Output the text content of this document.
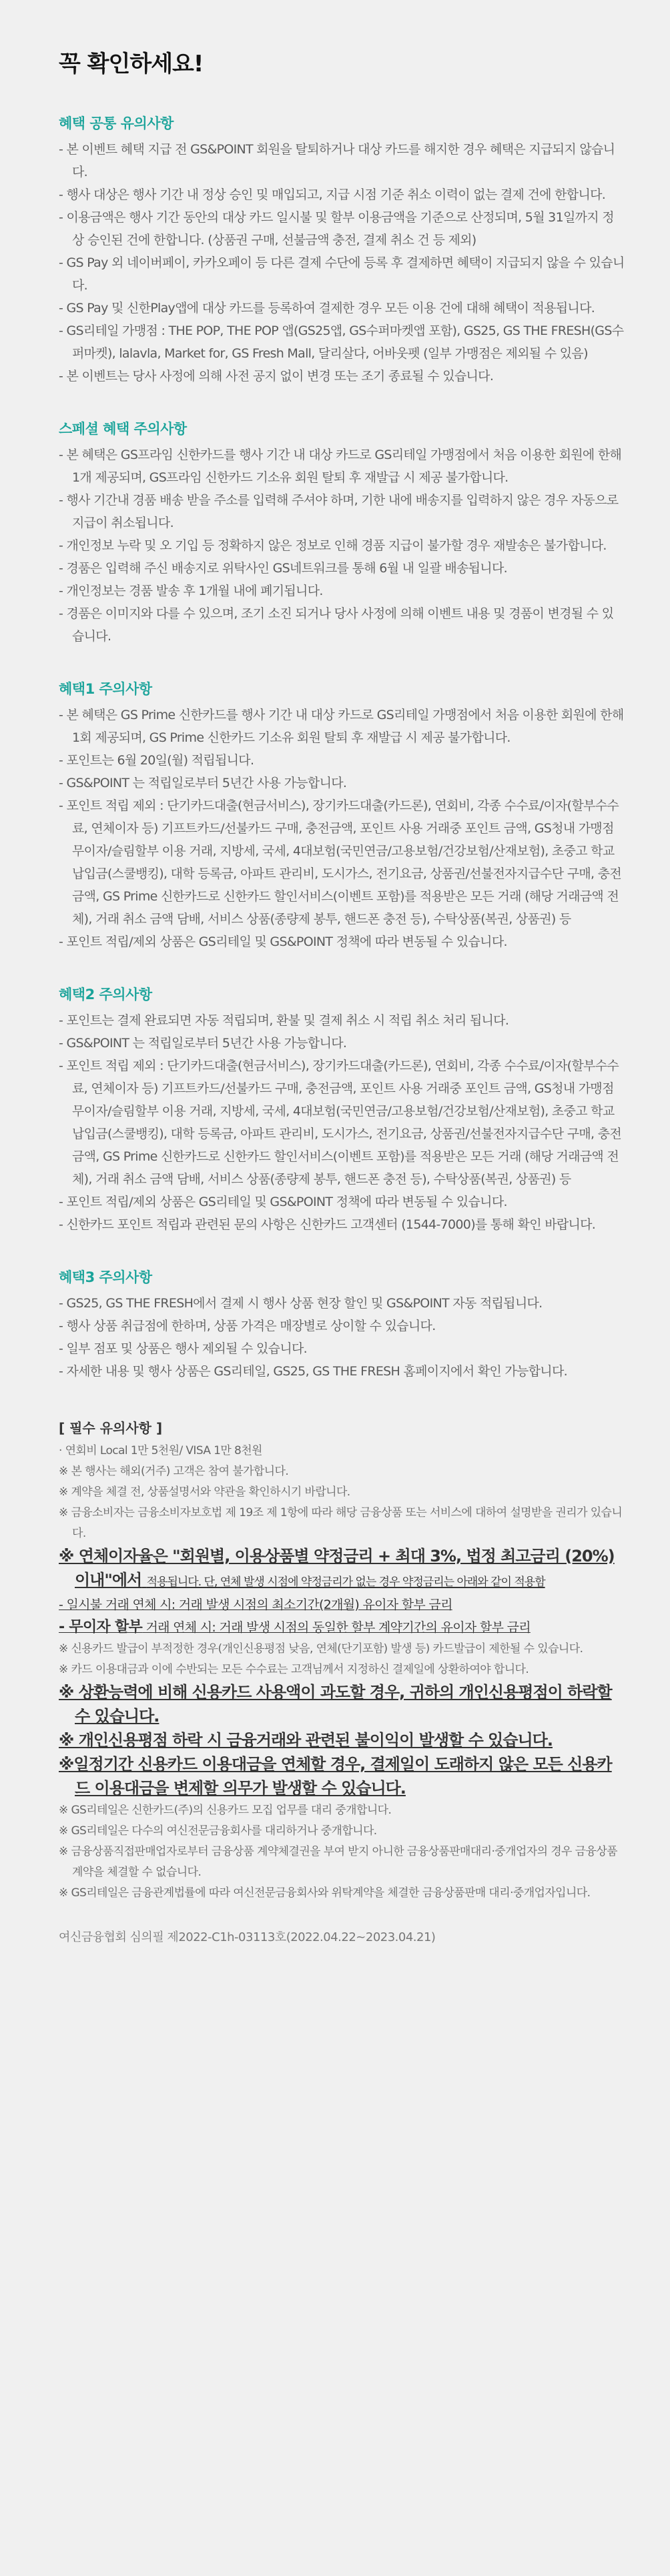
꼭 확인하세요!
혜택 공통 유의사항
- 본 이벤트 혜택 지급 전 GS&POINT 회원을 탈퇴하거나 대상 카드를 해지한 경우 혜택은 지급되지 않습니다.
- 행사 대상은 행사 기간 내 정상 승인 및 매입되고, 지급 시점 기준 취소 이력이 없는 결제 건에 한합니다.
- 이용금액은 행사 기간 동안의 대상 카드 일시불 및 할부 이용금액을 기준으로 산정되며, 5월 31일까지 정상 승인된 건에 한합니다. (상품권 구매, 선불금액 충전, 결제 취소 건 등 제외)
- GS Pay 외 네이버페이, 카카오페이 등 다른 결제 수단에 등록 후 결제하면 혜택이 지급되지 않을 수 있습니다.
- GS Pay 및 신한Play앱에 대상 카드를 등록하여 결제한 경우 모든 이용 건에 대해 혜택이 적용됩니다.
- GS리테일 가맹점 : THE POP, THE POP 앱(GS25앱, GS수퍼마켓앱 포함), GS25, GS THE FRESH(GS수퍼마켓), lalavla, Market for, GS Fresh Mall, 달리살다, 어바웃펫 (일부 가맹점은 제외될 수 있음)
- 본 이벤트는 당사 사정에 의해 사전 공지 없이 변경 또는 조기 종료될 수 있습니다.
스페셜 혜택 주의사항
- 본 혜택은 GS프라임 신한카드를 행사 기간 내 대상 카드로 GS리테일 가맹점에서 처음 이용한 회원에 한해 1개 제공되며, GS프라임 신한카드 기소유 회원 탈퇴 후 재발급 시 제공 불가합니다.
- 행사 기간내 경품 배송 받을 주소를 입력해 주셔야 하며, 기한 내에 배송지를 입력하지 않은 경우 자동으로 지급이 취소됩니다.
- 개인정보 누락 및 오 기입 등 정확하지 않은 정보로 인해 경품 지급이 불가할 경우 재발송은 불가합니다.
- 경품은 입력해 주신 배송지로 위탁사인 GS네트워크를 통해 6월 내 일괄 배송됩니다.
- 개인정보는 경품 발송 후 1개월 내에 폐기됩니다.
- 경품은 이미지와 다를 수 있으며, 조기 소진 되거나 당사 사정에 의해 이벤트 내용 및 경품이 변경될 수 있습니다.
혜택1 주의사항
- 본 혜택은 GS Prime 신한카드를 행사 기간 내 대상 카드로 GS리테일 가맹점에서 처음 이용한 회원에 한해 1회 제공되며, GS Prime 신한카드 기소유 회원 탈퇴 후 재발급 시 제공 불가합니다.
- 포인트는 6월 20일(월) 적립됩니다.
- GS&POINT 는 적립일로부터 5년간 사용 가능합니다.
- 포인트 적립 제외 : 단기카드대출(현금서비스), 장기카드대출(카드론), 연회비, 각종 수수료/이자(할부수수료, 연체이자 등) 기프트카드/선불카드 구매, 충전금액, 포인트 사용 거래중 포인트 금액, GS청내 가맹점 무이자/슬림할부 이용 거래, 지방세, 국세, 4대보험(국민연금/고용보험/건강보험/산재보험), 초중고 학교납입금(스쿨뱅킹), 대학 등록금, 아파트 관리비, 도시가스, 전기요금, 상품권/선불전자지급수단 구매, 충전금액, GS Prime 신한카드로 신한카드 할인서비스(이벤트 포함)를 적용받은 모든 거래 (해당 거래금액 전체), 거래 취소 금액 담배, 서비스 상품(종량제 봉투, 핸드폰 충전 등), 수탁상품(복권, 상품권) 등
- 포인트 적립/제외 상품은 GS리테일 및 GS&POINT 정책에 따라 변동될 수 있습니다.
혜택2 주의사항
- 포인트는 결제 완료되면 자동 적립되며, 환불 및 결제 취소 시 적립 취소 처리 됩니다.
- GS&POINT 는 적립일로부터 5년간 사용 가능합니다.
- 포인트 적립 제외 : 단기카드대출(현금서비스), 장기카드대출(카드론), 연회비, 각종 수수료/이자(할부수수료, 연체이자 등) 기프트카드/선불카드 구매, 충전금액, 포인트 사용 거래중 포인트 금액, GS청내 가맹점 무이자/슬림할부 이용 거래, 지방세, 국세, 4대보험(국민연금/고용보험/건강보험/산재보험), 초중고 학교납입금(스쿨뱅킹), 대학 등록금, 아파트 관리비, 도시가스, 전기요금, 상품권/선불전자지급수단 구매, 충전금액, GS Prime 신한카드로 신한카드 할인서비스(이벤트 포함)를 적용받은 모든 거래 (해당 거래금액 전체), 거래 취소 금액 담배, 서비스 상품(종량제 봉투, 핸드폰 충전 등), 수탁상품(복권, 상품권) 등
- 포인트 적립/제외 상품은 GS리테일 및 GS&POINT 정책에 따라 변동될 수 있습니다.
- 신한카드 포인트 적립과 관련된 문의 사항은 신한카드 고객센터 (1544-7000)를 통해 확인 바랍니다.
혜택3 주의사항
- GS25, GS THE FRESH에서 결제 시 행사 상품 현장 할인 및 GS&POINT 자동 적립됩니다.
- 행사 상품 취급점에 한하며, 상품 가격은 매장별로 상이할 수 있습니다.
- 일부 점포 및 상품은 행사 제외될 수 있습니다.
- 자세한 내용 및 행사 상품은 GS리테일, GS25, GS THE FRESH 홈페이지에서 확인 가능합니다.
[ 필수 유의사항 ]
· 연회비 Local 1만 5천원/ VISA 1만 8천원
※ 본 행사는 해외(거주) 고객은 참여 불가합니다.
※ 계약을 체결 전, 상품설명서와 약관을 확인하시기 바랍니다.
※ 금융소비자는 금융소비자보호법 제 19조 제 1항에 따라 해당 금융상품 또는 서비스에 대하여 설명받을 권리가 있습니다.
※ 연체이자율은 "회원별, 이용상품별 약정금리 + 최대 3%, 법정 최고금리 (20%) 이내"에서 적용됩니다. 단, 연체 발생 시점에 약정금리가 없는 경우 약정금리는 아래와 같이 적용함
- 일시불 거래 연체 시: 거래 발생 시점의 최소기간(2개월) 유이자 할부 금리
- 무이자 할부 거래 연체 시: 거래 발생 시점의 동일한 할부 계약기간의 유이자 할부 금리
※ 신용카드 발급이 부적정한 경우(개인신용평점 낮음, 연체(단기포함) 발생 등) 카드발급이 제한될 수 있습니다.
※ 카드 이용대금과 이에 수반되는 모든 수수료는 고객님께서 지정하신 결제일에 상환하여야 합니다.
※ 상환능력에 비해 신용카드 사용액이 과도할 경우, 귀하의 개인신용평점이 하락할 수 있습니다.
※ 개인신용평점 하락 시 금융거래와 관련된 불이익이 발생할 수 있습니다.
※일정기간 신용카드 이용대금을 연체할 경우, 결제일이 도래하지 않은 모든 신용카드 이용대금을 변제할 의무가 발생할 수 있습니다.
※ GS리테일은 신한카드(주)의 신용카드 모집 업무를 대리 중개합니다.
※ GS리테일은 다수의 여신전문금융회사를 대리하거나 중개합니다.
※ 금융상품직접판매업자로부터 금융상품 계약체결권을 부여 받지 아니한 금융상품판매대리·중개업자의 경우 금융상품계약을 체결할 수 없습니다.
※ GS리테일은 금융관계법률에 따라 여신전문금융회사와 위탁계약을 체결한 금융상품판매 대리·중개업자입니다.
여신금융협회 심의필 제2022-C1h-03113호(2022.04.22~2023.04.21)
